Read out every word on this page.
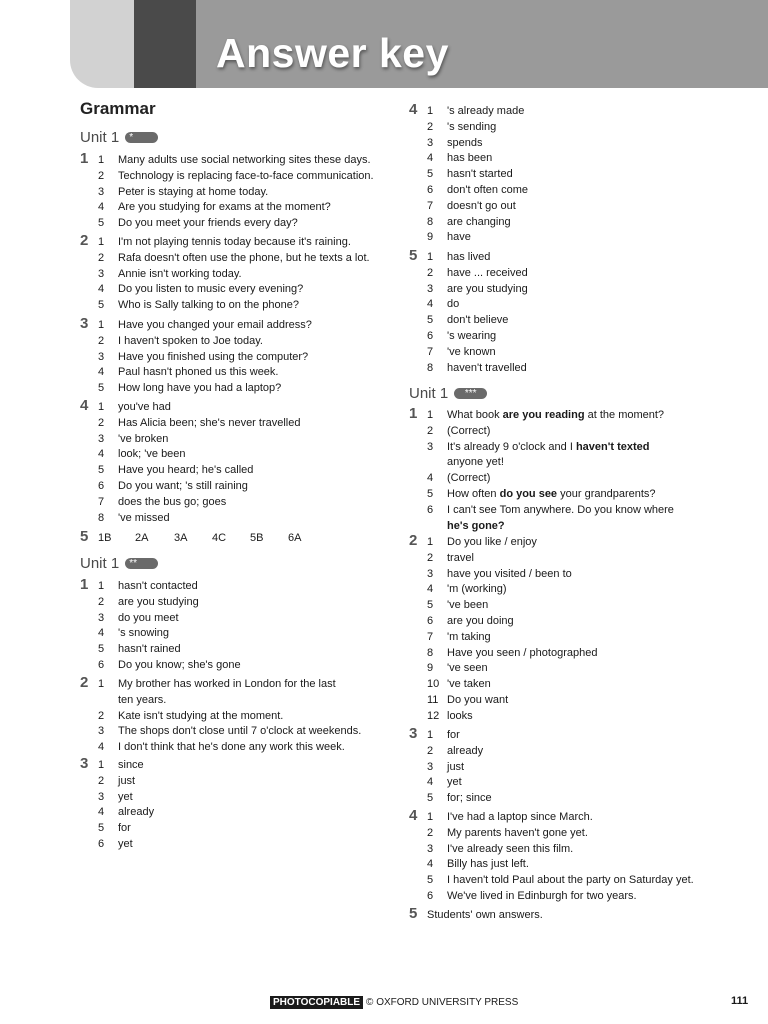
Answer key
Grammar
Unit 1	*
1 1	Many adults use social networking sites these days.
2	Technology is replacing face-to-face communication.
3	Peter is staying at home today.
4	Are you studying for exams at the moment?
5	Do you meet your friends every day?
2 1	I'm not playing tennis today because it's raining.
2	Rafa doesn't often use the phone, but he texts a lot.
3	Annie isn't working today.
4	Do you listen to music every evening?
5	Who is Sally talking to on the phone?
3 1	Have you changed your email address?
2	I haven't spoken to Joe today.
3	Have you finished using the computer?
4	Paul hasn't phoned us this week.
5	How long have you had a laptop?
4 1	you've had
2	Has Alicia been; she's never travelled
3	've broken
4	look; 've been
5	Have you heard; he's called
6	Do you want; 's still raining
7	does the bus go; goes
8	've missed
5 1B 2A 3A 4C 5B 6A
Unit 1	**
1 1	hasn't contacted
2	are you studying
3	do you meet
4	's snowing
5	hasn't rained
6	Do you know; she's gone
2 1	My brother has worked in London for the last
ten years.
2	Kate isn't studying at the moment.
3	The shops don't close until 7 o'clock at weekends.
4	I don't think that he's done any work this week.
3 1	since
2	just
3	yet
4	already
5	for
6	yet
4 1	's already made
2	's sending
3	spends
4	has been
5	hasn't started
6	don't often come
7	doesn't go out
8	are changing
9	have
5 1	has lived
2	have ... received
3	are you studying
4	do
5	don't believe
6	's wearing
7	've known
8	haven't travelled
Unit 1	***
1 1	What book are you reading at the moment?
2	(Correct)
3	It's already 9 o'clock and I haven't texted
anyone yet!
4	(Correct)
5	How often do you see your grandparents?
6	I can't see Tom anywhere. Do you know where
he's gone?
2 1	Do you like / enjoy
2	travel
3	have you visited / been to
4	'm (working)
5	've been
6	are you doing
7	'm taking
8	Have you seen / photographed
9	've seen
10 've taken
11 Do you want
12 looks
3 1	for
2	already
3	just
4	yet
5	for; since
4 1	I've had a laptop since March.
2	My parents haven't gone yet.
3	I've already seen this film.
4	Billy has just left.
5	I haven't told Paul about the party on Saturday yet.
6	We've lived in Edinburgh for two years.
5 Students' own answers.
PHOTOCOPIABLE © OXFORD UNIVERSITY PRESS	111
